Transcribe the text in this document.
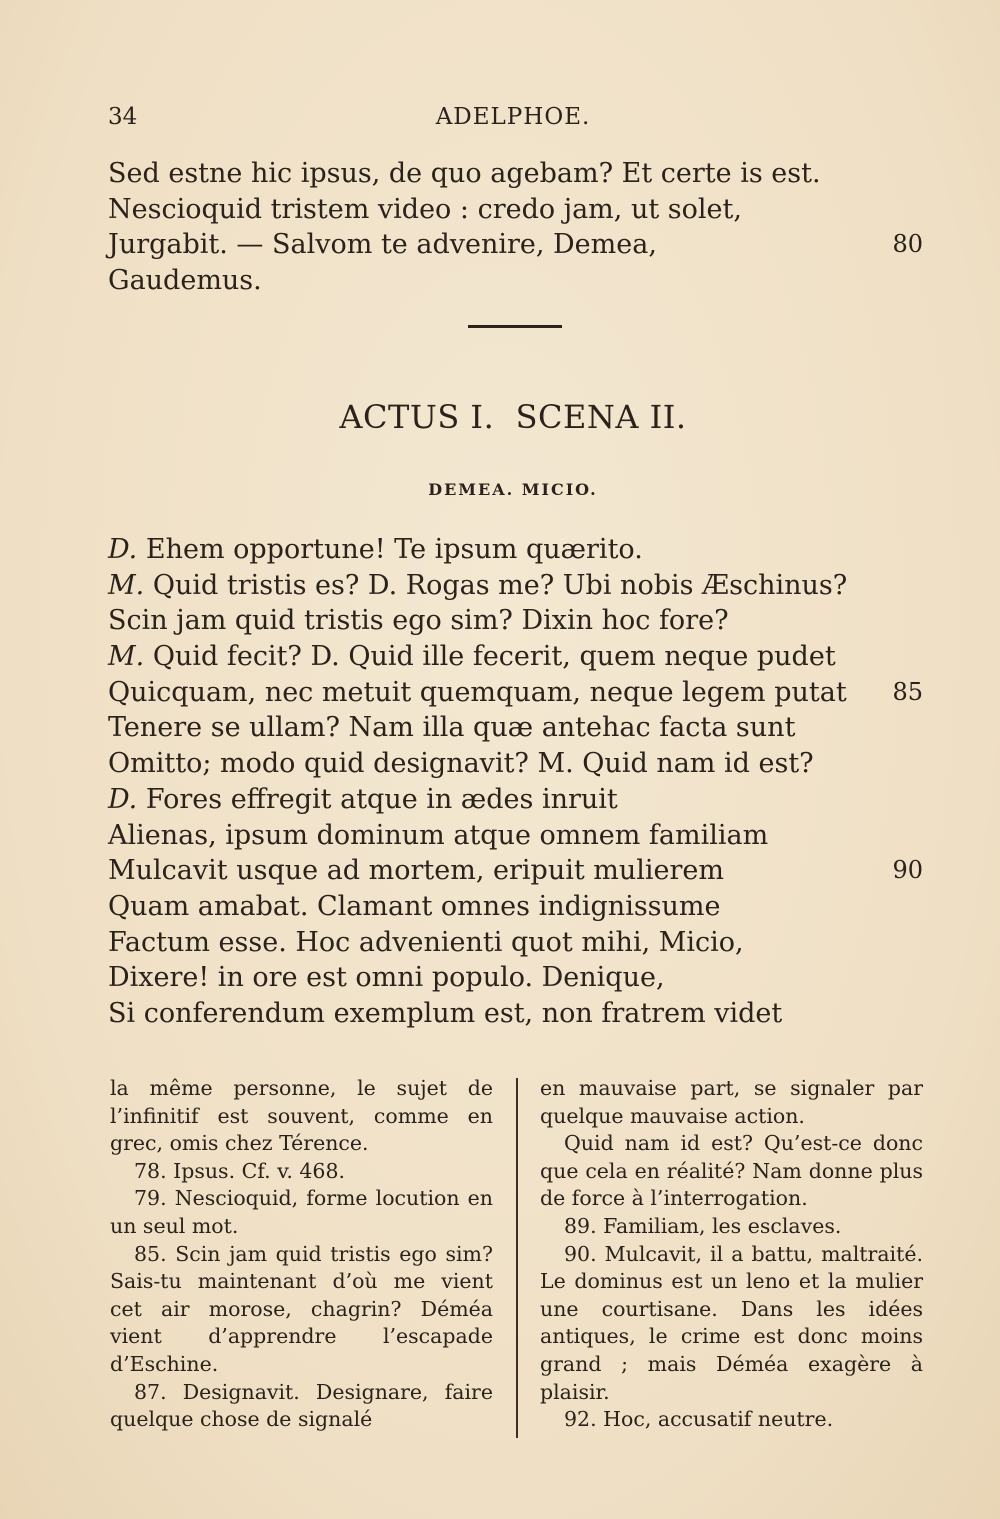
34	ADELPHOE.
Sed estne hic ipsus, de quo agebam? Et certe is est.
Nescioquid tristem video : credo jam, ut solet,
Jurgabit. — Salvom te advenire, Demea,	80
Gaudemus.
ACTUS I.  SCENA II.
DEMEA. MICIO.
D. Ehem opportune! Te ipsum quærito.
M. Quid tristis es? D. Rogas me? Ubi nobis Æschinus?
Scin jam quid tristis ego sim? Dixin hoc fore?
M. Quid fecit? D. Quid ille fecerit, quem neque pudet
Quicquam, nec metuit quemquam, neque legem putat 85
Tenere se ullam? Nam illa quæ antehac facta sunt
Omitto; modo quid designavit? M. Quid nam id est?
D. Fores effregit atque in ædes inruit
Alienas, ipsum dominum atque omnem familiam
Mulcavit usque ad mortem, eripuit mulierem	90
Quam amabat. Clamant omnes indignissume
Factum esse. Hoc advenienti quot mihi, Micio,
Dixere! in ore est omni populo. Denique,
Si conferendum exemplum est, non fratrem videt
la même personne, le sujet de l’infinitif est souvent, comme en grec, omis chez Térence.
78. Ipsus. Cf. v. 468.
79. Nescioquid, forme locution en un seul mot.
85. Scin jam quid tristis ego sim? Sais-tu maintenant d’où me vient cet air morose, chagrin? Déméa vient d’apprendre l’escapade d’Eschine.
87. Designavit. Designare, faire quelque chose de signalé
en mauvaise part, se signaler par quelque mauvaise action.
Quid nam id est? Qu’est-ce donc que cela en réalité? Nam donne plus de force à l’interrogation.
89. Familiam, les esclaves.
90. Mulcavit, il a battu, maltraité. Le dominus est un leno et la mulier une courtisane. Dans les idées antiques, le crime est donc moins grand ; mais Déméa exagère à plaisir.
92. Hoc, accusatif neutre.
